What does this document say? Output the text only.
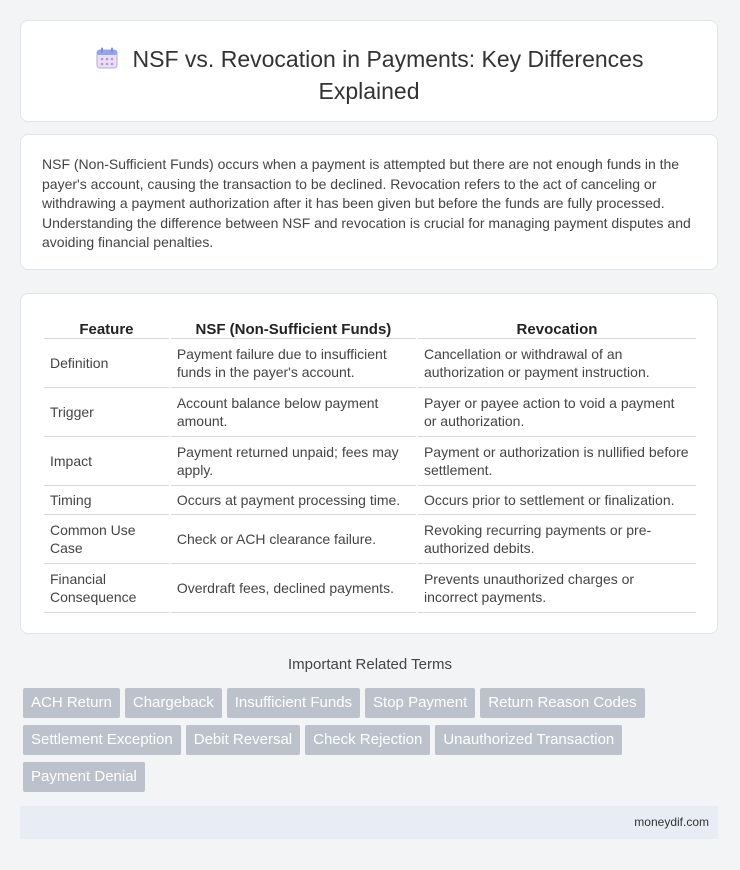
NSF vs. Revocation in Payments: Key Differences Explained
NSF (Non-Sufficient Funds) occurs when a payment is attempted but there are not enough funds in the payer's account, causing the transaction to be declined. Revocation refers to the act of canceling or withdrawing a payment authorization after it has been given but before the funds are fully processed. Understanding the difference between NSF and revocation is crucial for managing payment disputes and avoiding financial penalties.
Feature	NSF (Non-Sufficient Funds)	Revocation
Definition	Payment failure due to insufficient funds in the payer's account.	Cancellation or withdrawal of an authorization or payment instruction.
Trigger	Account balance below payment amount.	Payer or payee action to void a payment or authorization.
Impact	Payment returned unpaid; fees may apply.	Payment or authorization is nullified before settlement.
Timing	Occurs at payment processing time.	Occurs prior to settlement or finalization.
Common Use Case	Check or ACH clearance failure.	Revoking recurring payments or pre-authorized debits.
Financial Consequence	Overdraft fees, declined payments.	Prevents unauthorized charges or incorrect payments.
Important Related Terms
ACH Return Chargeback Insufficient Funds Stop Payment Return Reason CodesSettlement Exception Debit Reversal Check Rejection Unauthorized TransactionPayment Denial
moneydif.com
